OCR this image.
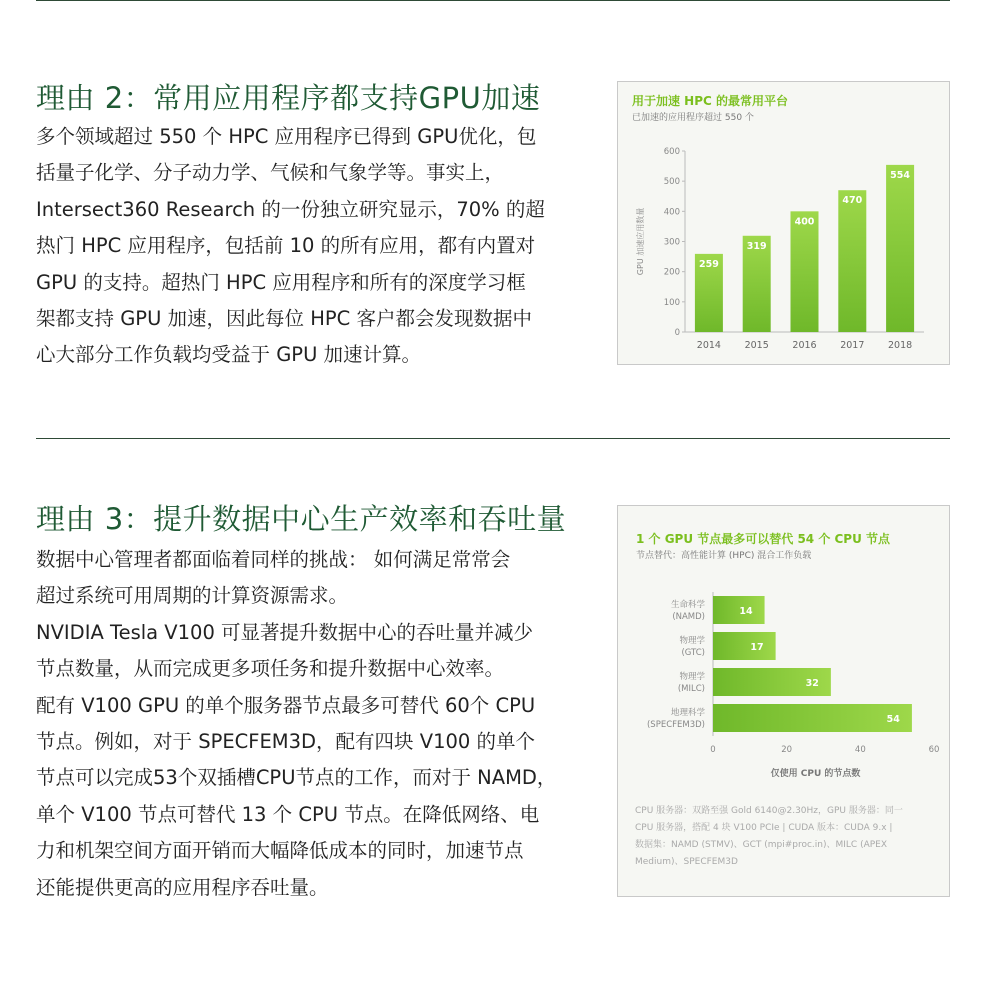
理由 2：常用应用程序都支持GPU加速
多个领域超过 550 个 HPC 应用程序已得到 GPU优化，包
括量子化学、分子动力学、气候和气象学等。事实上，
Intersect360 Research 的一份独立研究显示，70% 的超
热门 HPC 应用程序，包括前 10 的所有应用，都有内置对
GPU 的支持。超热门 HPC 应用程序和所有的深度学习框
架都支持 GPU 加速，因此每位 HPC 客户都会发现数据中
心大部分工作负载均受益于 GPU 加速计算。
用于加速 HPC 的最常用平台
已加速的应用程序超过 550 个
0
100
200
300
400
500
600
GPU 加速应用数量	259
2014
319
2015
400
2016
470
2017
554
2018
理由 3：提升数据中心生产效率和吞吐量
数据中心管理者都面临着同样的挑战： 如何满足常常会
超过系统可用周期的计算资源需求。
NVIDIA Tesla V100 可显著提升数据中心的吞吐量并减少
节点数量，从而完成更多项任务和提升数据中心效率。
配有 V100 GPU 的单个服务器节点最多可替代 60个 CPU
节点。例如，对于 SPECFEM3D，配有四块 V100 的单个
节点可以完成53个双插槽CPU节点的工作，而对于 NAMD，
单个 V100 节点可替代 13 个 CPU 节点。在降低网络、电
力和机架空间方面开销而大幅降低成本的同时，加速节点
还能提供更高的应用程序吞吐量。
1 个 GPU 节点最多可以替代 54 个 CPU 节点
节点替代：高性能计算 (HPC) 混合工作负载
0	20	40	60
仅使用 CPU 的节点数
14
生命科学
(NAMD)
17
物理学
(GTC)
32
物理学
(MILC)
54
地理科学
(SPECFEM3D)
CPU 服务器：双路至强 Gold 6140@2.30Hz，GPU 服务器：同一
CPU 服务器，搭配 4 块 V100 PCIe | CUDA 版本：CUDA 9.x |
数据集：NAMD (STMV)、GCT (mpi#proc.in)、MILC (APEX
Medium)、SPECFEM3D
